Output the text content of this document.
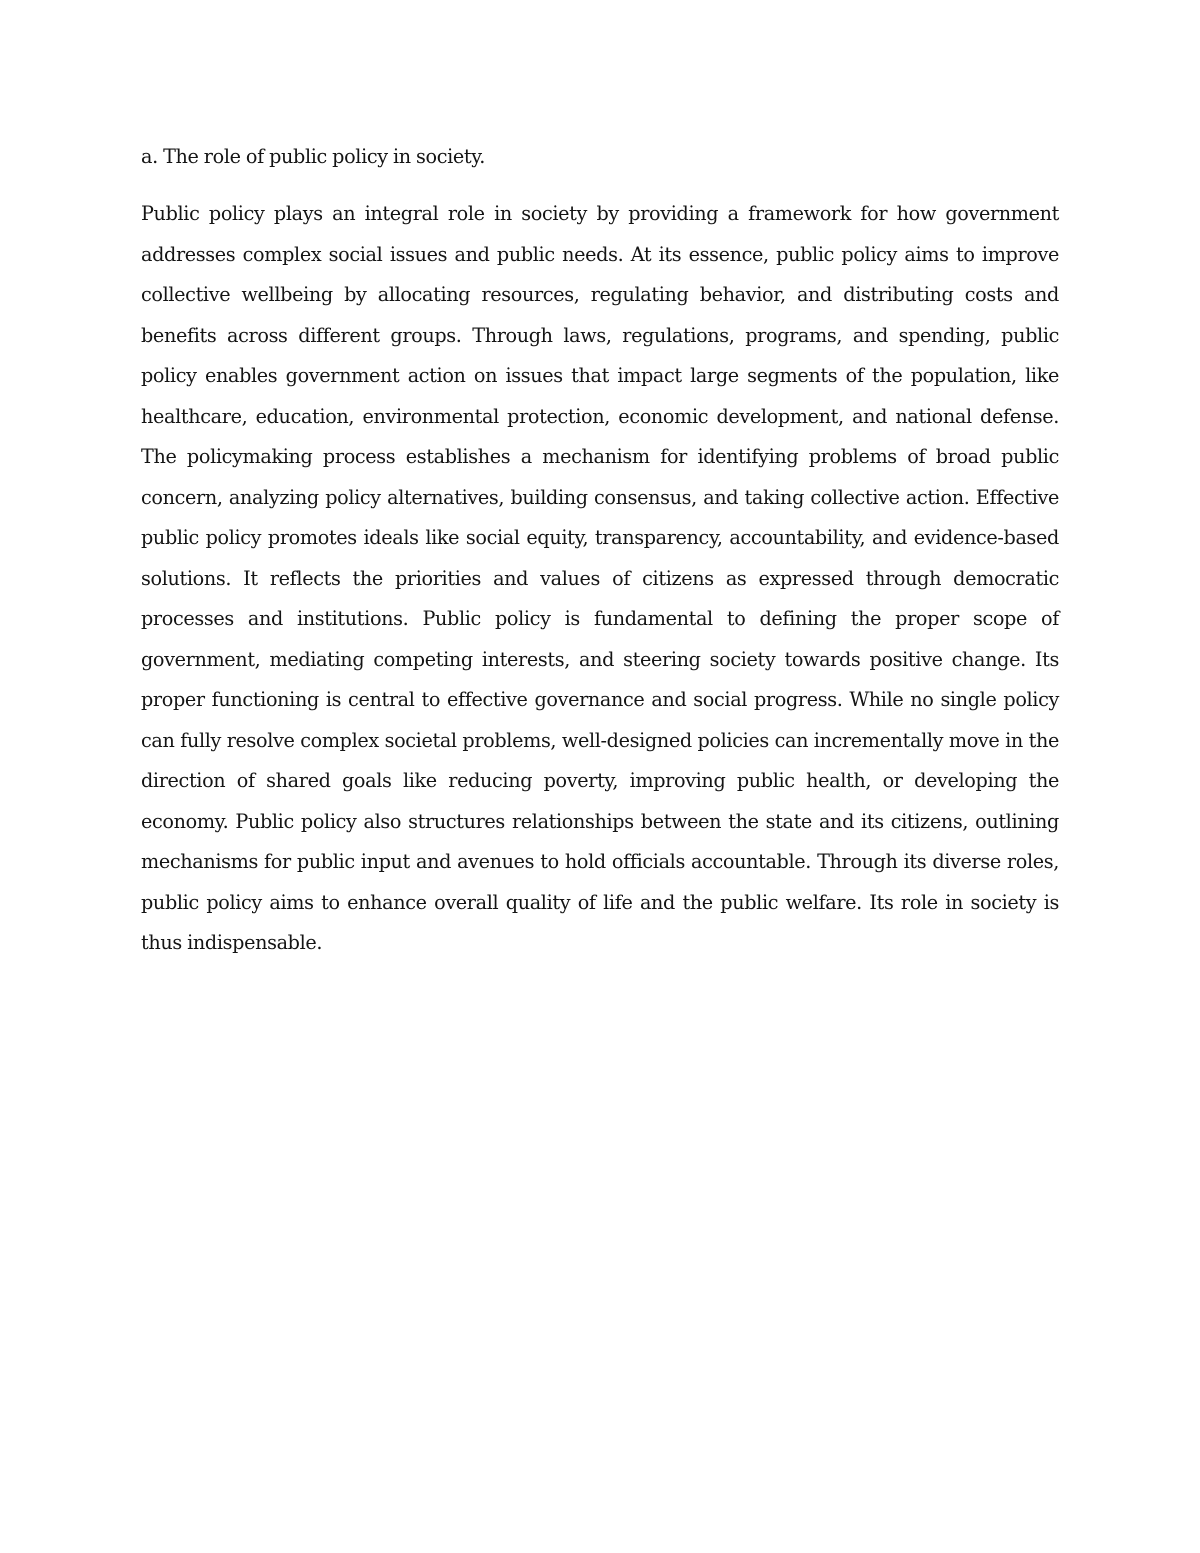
a. The role of public policy in society.

Public policy plays an integral role in society by providing a framework for how government addresses complex social issues and public needs. At its essence, public policy aims to improve collective wellbeing by allocating resources, regulating behavior, and distributing costs and benefits across different groups. Through laws, regulations, programs, and spending, public policy enables government action on issues that impact large segments of the population, like healthcare, education, environmental protection, economic development, and national defense. The policymaking process establishes a mechanism for identifying problems of broad public concern, analyzing policy alternatives, building consensus, and taking collective action. Effective public policy promotes ideals like social equity, transparency, accountability, and evidence-based solutions. It reflects the priorities and values of citizens as expressed through democratic processes and institutions. Public policy is fundamental to defining the proper scope of government, mediating competing interests, and steering society towards positive change. Its proper functioning is central to effective governance and social progress. While no single policy can fully resolve complex societal problems, well-designed policies can incrementally move in the direction of shared goals like reducing poverty, improving public health, or developing the economy. Public policy also structures relationships between the state and its citizens, outlining mechanisms for public input and avenues to hold officials accountable. Through its diverse roles, public policy aims to enhance overall quality of life and the public welfare. Its role in society is thus indispensable.
